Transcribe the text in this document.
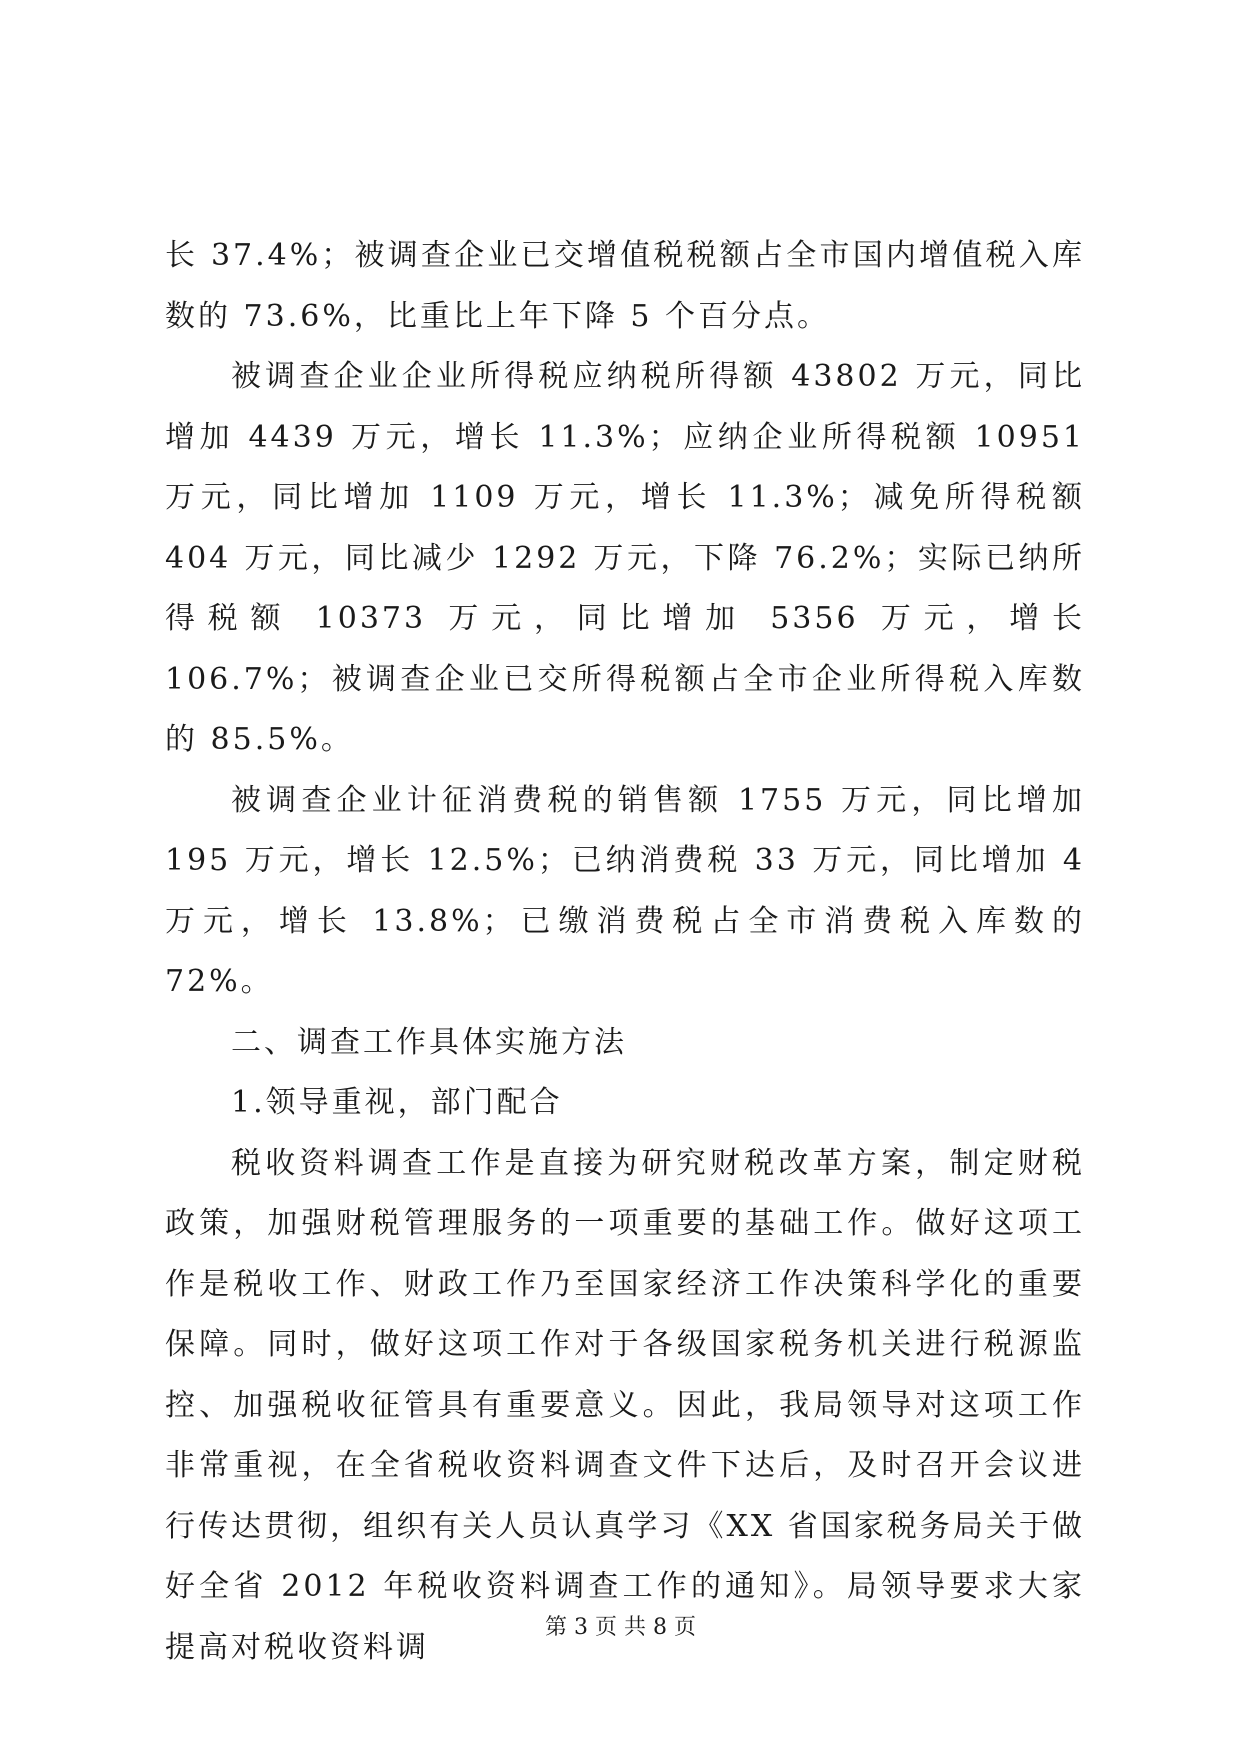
长 37.4%；被调查企业已交增值税税额占全市国内增值税入库数的 73.6%，比重比上年下降 5 个百分点。

被调查企业企业所得税应纳税所得额 43802 万元，同比增加 4439 万元，增长 11.3%；应纳企业所得税额 10951 万元，同比增加 1109 万元，增长 11.3%；减免所得税额 404 万元，同比减少 1292 万元，下降 76.2%；实际已纳所得税额 10373 万元，同比增加 5356 万元，增长 106.7%；被调查企业已交所得税额占全市企业所得税入库数的 85.5%。

被调查企业计征消费税的销售额 1755 万元，同比增加 195 万元，增长 12.5%；已纳消费税 33 万元，同比增加 4 万元，增长 13.8%；已缴消费税占全市消费税入库数的 72%。

二、调查工作具体实施方法

1.领导重视，部门配合

税收资料调查工作是直接为研究财税改革方案，制定财税政策，加强财税管理服务的一项重要的基础工作。做好这项工作是税收工作、财政工作乃至国家经济工作决策科学化的重要保障。同时，做好这项工作对于各级国家税务机关进行税源监控、加强税收征管具有重要意义。因此，我局领导对这项工作非常重视，在全省税收资料调查文件下达后，及时召开会议进行传达贯彻，组织有关人员认真学习《XX 省国家税务局关于做好全省 2012 年税收资料调查工作的通知》。局领导要求大家提高对税收资料调

第 3 页 共 8 页
